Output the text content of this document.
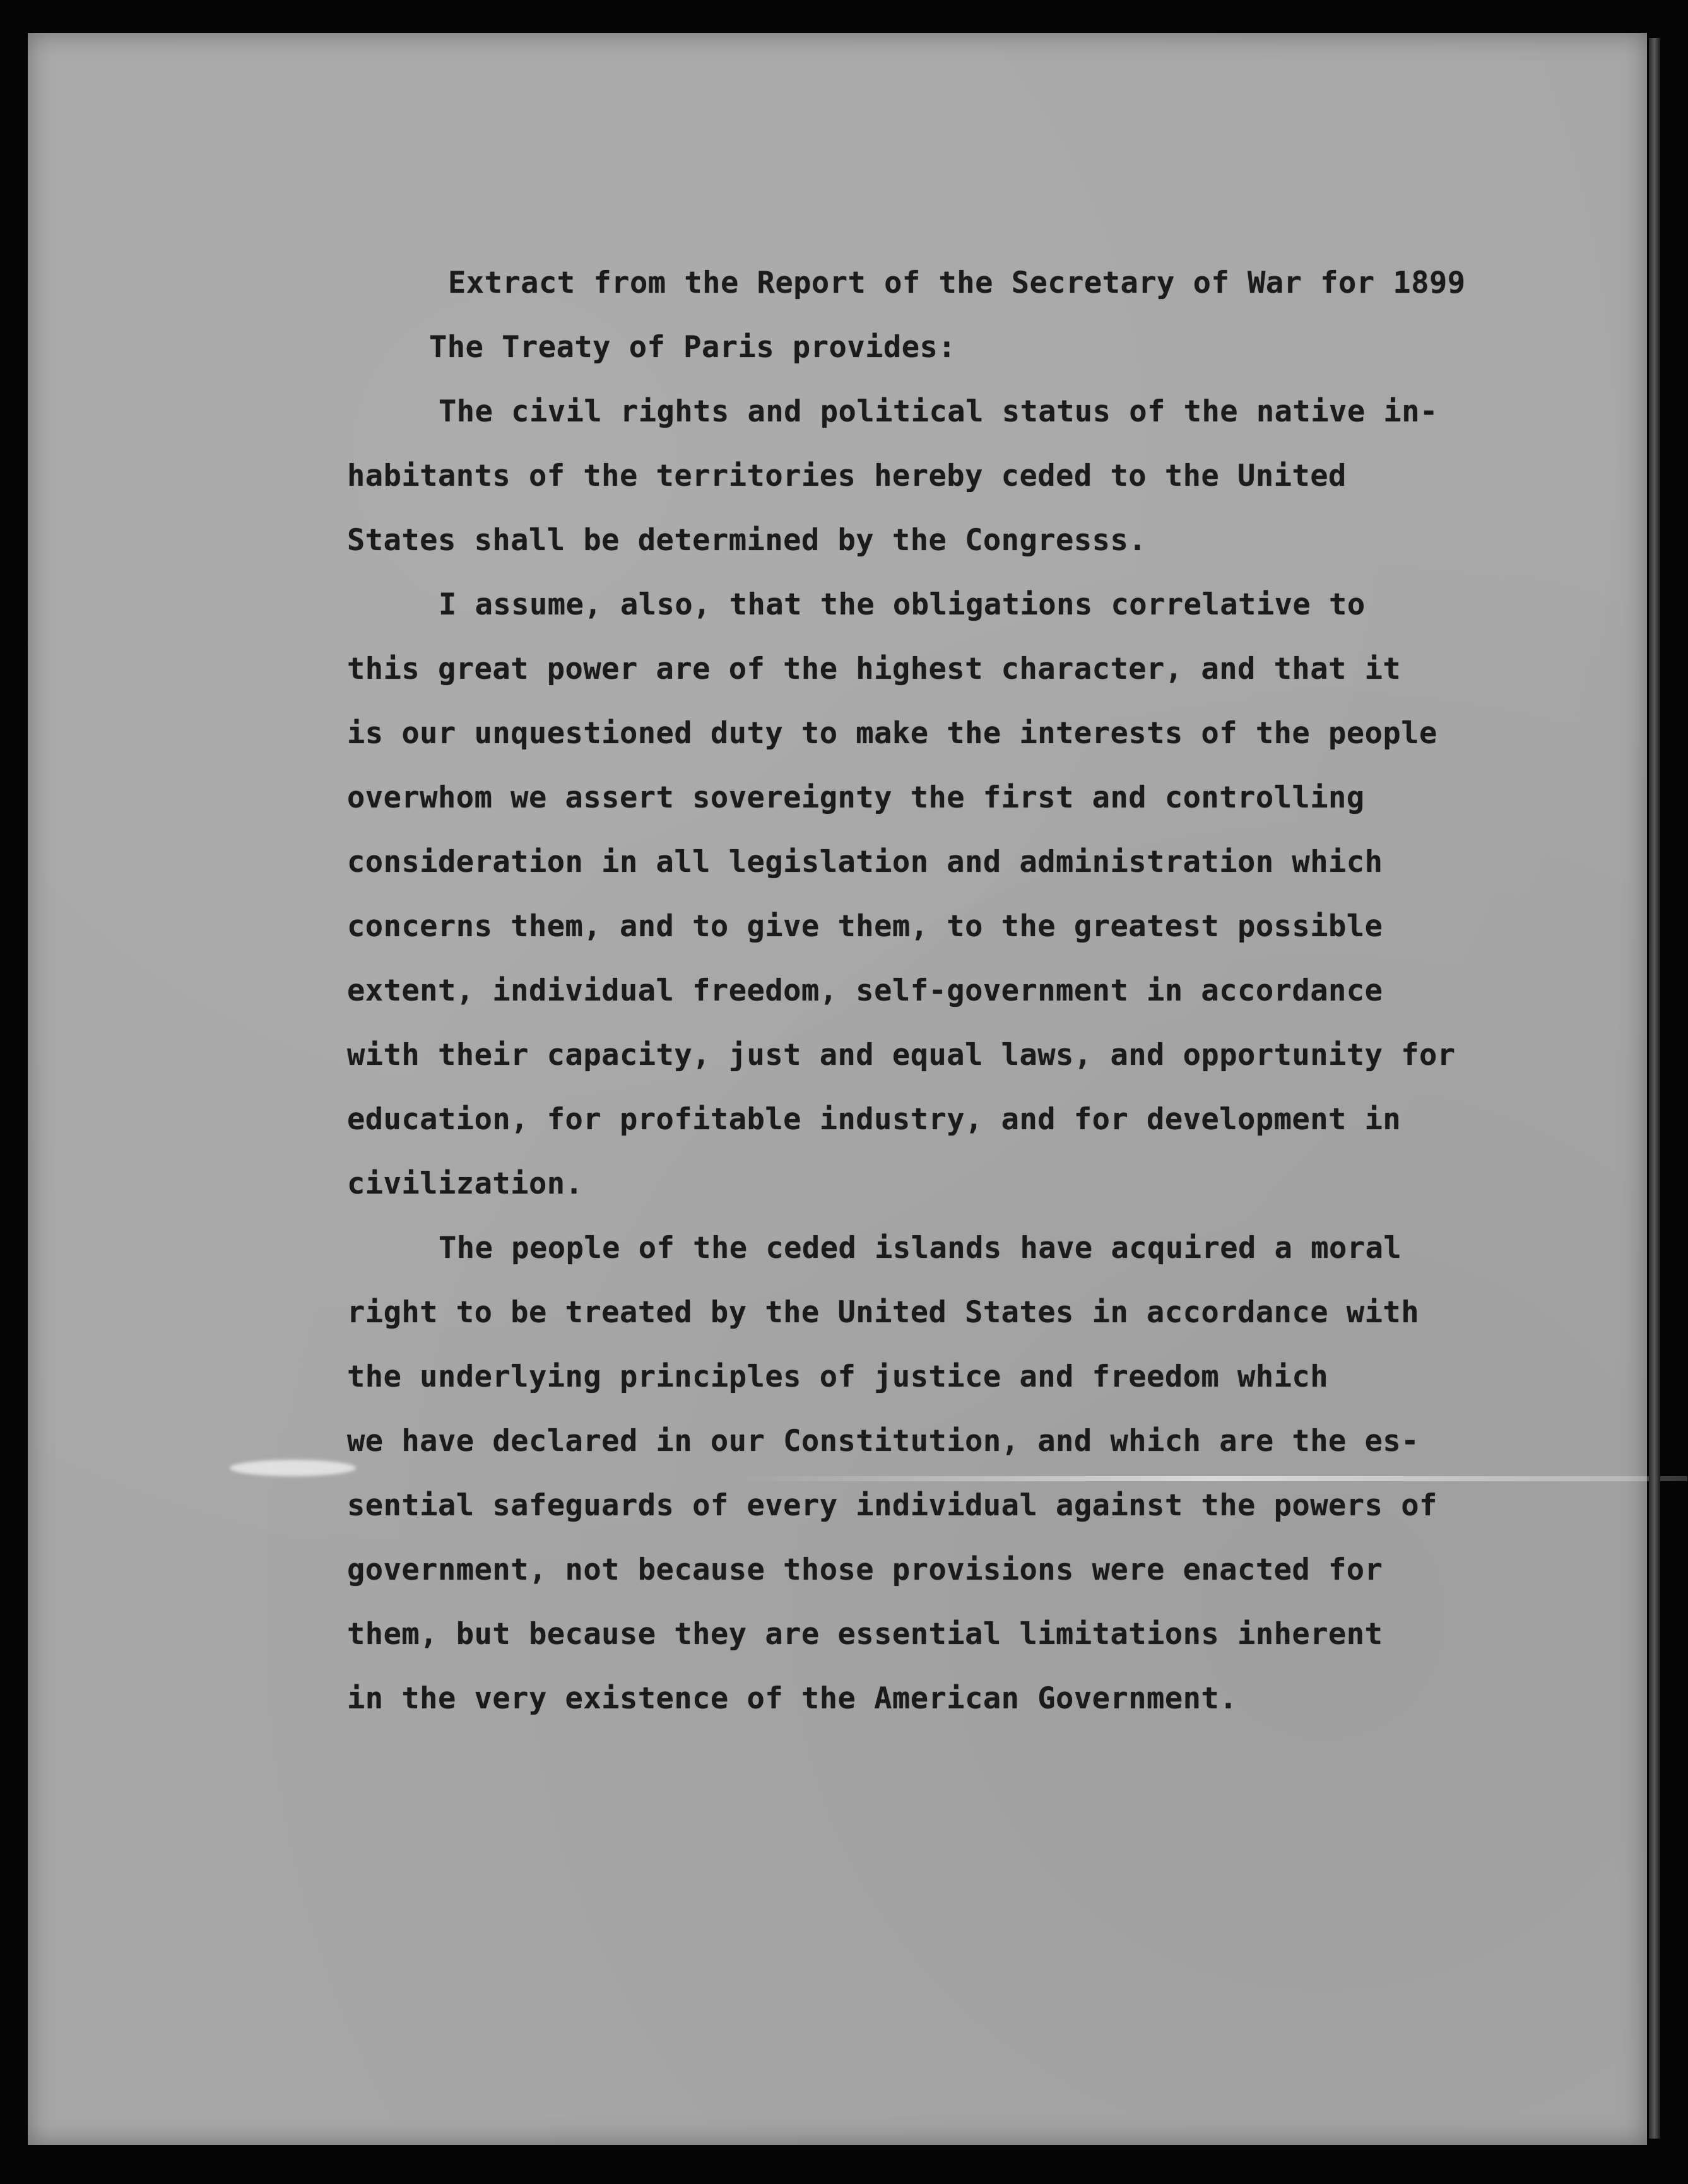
Extract from the Report of the Secretary of War for 1899
The Treaty of Paris provides:
The civil rights and political status of the native in-
habitants of the territories hereby ceded to the United
States shall be determined by the Congresss.
I assume, also, that the obligations correlative to
this great power are of the highest character, and that it
is our unquestioned duty to make the interests of the people
overwhom we assert sovereignty the first and controlling
consideration in all legislation and administration which
concerns them, and to give them, to the greatest possible
extent, individual freedom, self-government in accordance
with their capacity, just and equal laws, and opportunity for
education, for profitable industry, and for development in
civilization.
The people of the ceded islands have acquired a moral
right to be treated by the United States in accordance with
the underlying principles of justice and freedom which
we have declared in our Constitution, and which are the es-
sential safeguards of every individual against the powers of
government, not because those provisions were enacted for
them, but because they are essential limitations inherent
in the very existence of the American Government.
